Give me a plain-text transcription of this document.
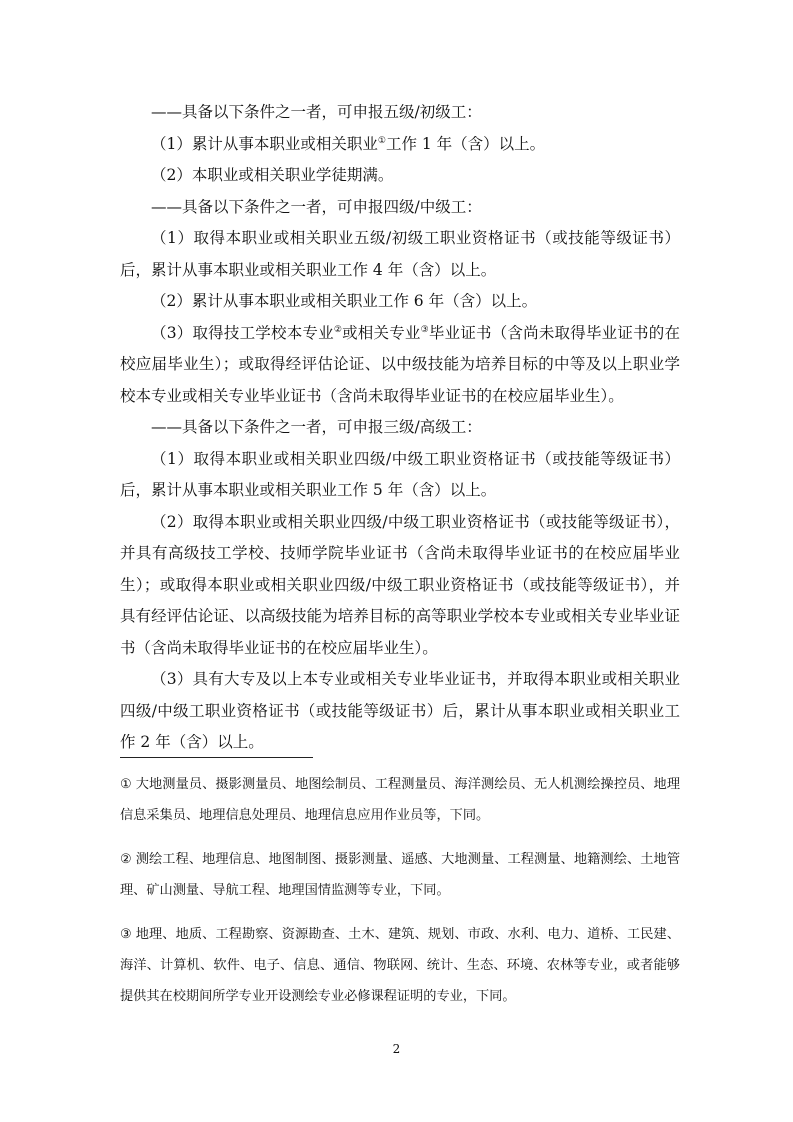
——具备以下条件之一者，可申报五级/初级工：

（1）累计从事本职业或相关职业①工作 1 年（含）以上。

（2）本职业或相关职业学徒期满。

——具备以下条件之一者，可申报四级/中级工：

（1）取得本职业或相关职业五级/初级工职业资格证书（或技能等级证书）后，累计从事本职业或相关职业工作 4 年（含）以上。

（2）累计从事本职业或相关职业工作 6 年（含）以上。

（3）取得技工学校本专业②或相关专业③毕业证书（含尚未取得毕业证书的在校应届毕业生）；或取得经评估论证、以中级技能为培养目标的中等及以上职业学校本专业或相关专业毕业证书（含尚未取得毕业证书的在校应届毕业生）。

——具备以下条件之一者，可申报三级/高级工：

（1）取得本职业或相关职业四级/中级工职业资格证书（或技能等级证书）后，累计从事本职业或相关职业工作 5 年（含）以上。

（2）取得本职业或相关职业四级/中级工职业资格证书（或技能等级证书），并具有高级技工学校、技师学院毕业证书（含尚未取得毕业证书的在校应届毕业生）；或取得本职业或相关职业四级/中级工职业资格证书（或技能等级证书），并具有经评估论证、以高级技能为培养目标的高等职业学校本专业或相关专业毕业证书（含尚未取得毕业证书的在校应届毕业生）。

（3）具有大专及以上本专业或相关专业毕业证书，并取得本职业或相关职业四级/中级工职业资格证书（或技能等级证书）后，累计从事本职业或相关职业工作 2 年（含）以上。

① 大地测量员、摄影测量员、地图绘制员、工程测量员、海洋测绘员、无人机测绘操控员、地理信息采集员、地理信息处理员、地理信息应用作业员等，下同。

② 测绘工程、地理信息、地图制图、摄影测量、遥感、大地测量、工程测量、地籍测绘、土地管理、矿山测量、导航工程、地理国情监测等专业，下同。

③ 地理、地质、工程勘察、资源勘查、土木、建筑、规划、市政、水利、电力、道桥、工民建、海洋、计算机、软件、电子、信息、通信、物联网、统计、生态、环境、农林等专业，或者能够提供其在校期间所学专业开设测绘专业必修课程证明的专业，下同。

2
